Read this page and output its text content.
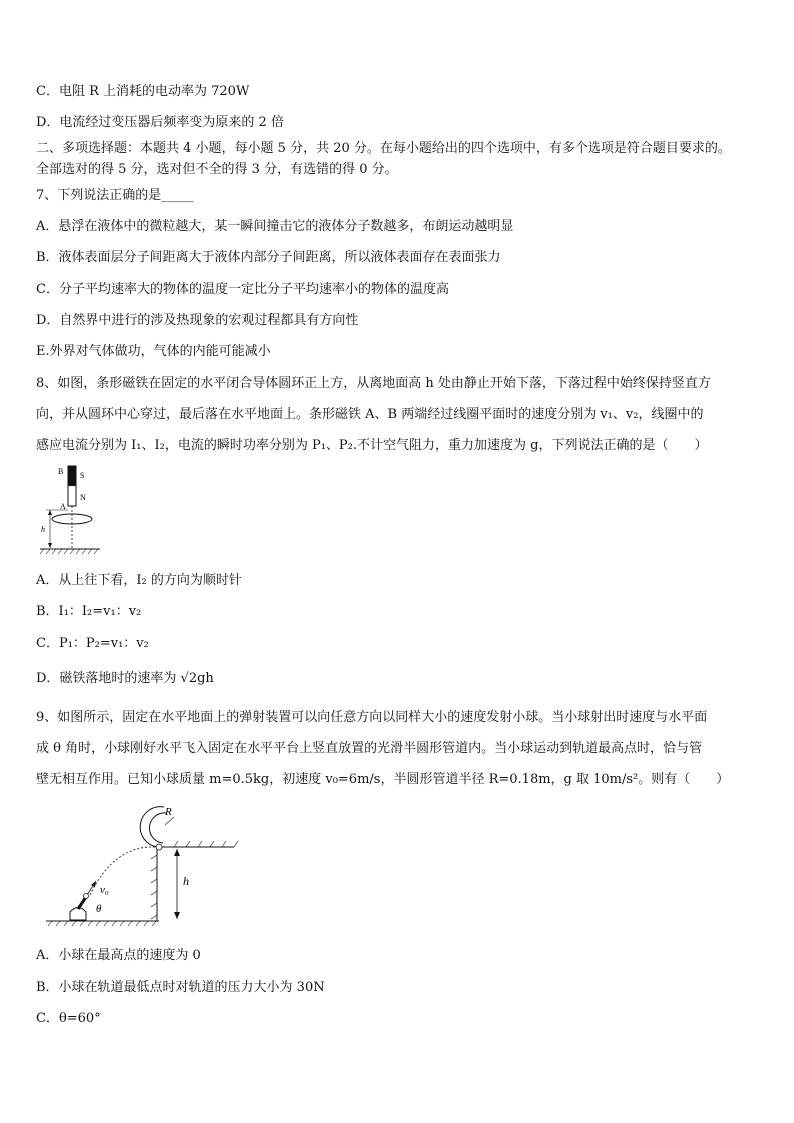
C．电阻 R 上消耗的电动率为 720W
D．电流经过变压器后频率变为原来的 2 倍
二、多项选择题：本题共 4 小题，每小题 5 分，共 20 分。在每小题给出的四个选项中，有多个选项是符合题目要求的。
全部选对的得 5 分，选对但不全的得 3 分，有选错的得 0 分。
7、下列说法正确的是_____
A．悬浮在液体中的微粒越大，某一瞬间撞击它的液体分子数越多，布朗运动越明显
B．液体表面层分子间距离大于液体内部分子间距离，所以液体表面存在表面张力
C．分子平均速率大的物体的温度一定比分子平均速率小的物体的温度高
D．自然界中进行的涉及热现象的宏观过程都具有方向性
E.外界对气体做功，气体的内能可能减小
8、如图，条形磁铁在固定的水平闭合导体圆环正上方，从离地面高 h 处由静止开始下落，下落过程中始终保持竖直方
向，并从圆环中心穿过，最后落在水平地面上。条形磁铁 A、B 两端经过线圈平面时的速度分别为 v₁、v₂，线圈中的
感应电流分别为 I₁、I₂，电流的瞬时功率分别为 P₁、P₂.不计空气阻力，重力加速度为 g，下列说法正确的是（　　）
B S
N
A
h
A．从上往下看，I₂ 的方向为顺时针
B．I₁：I₂=v₁：v₂
C．P₁：P₂=v₁：v₂
D．磁铁落地时的速率为 √2gh
9、如图所示，固定在水平地面上的弹射装置可以向任意方向以同样大小的速度发射小球。当小球射出时速度与水平面
成 θ 角时，小球刚好水平飞入固定在水平平台上竖直放置的光滑半圆形管道内。当小球运动到轨道最高点时，恰与管
壁无相互作用。已知小球质量 m=0.5kg，初速度 v₀=6m/s，半圆形管道半径 R=0.18m，g 取 10m/s²。则有（　　）
R
h
v₀
θ
A．小球在最高点的速度为 0
B．小球在轨道最低点时对轨道的压力大小为 30N
C．θ=60°
